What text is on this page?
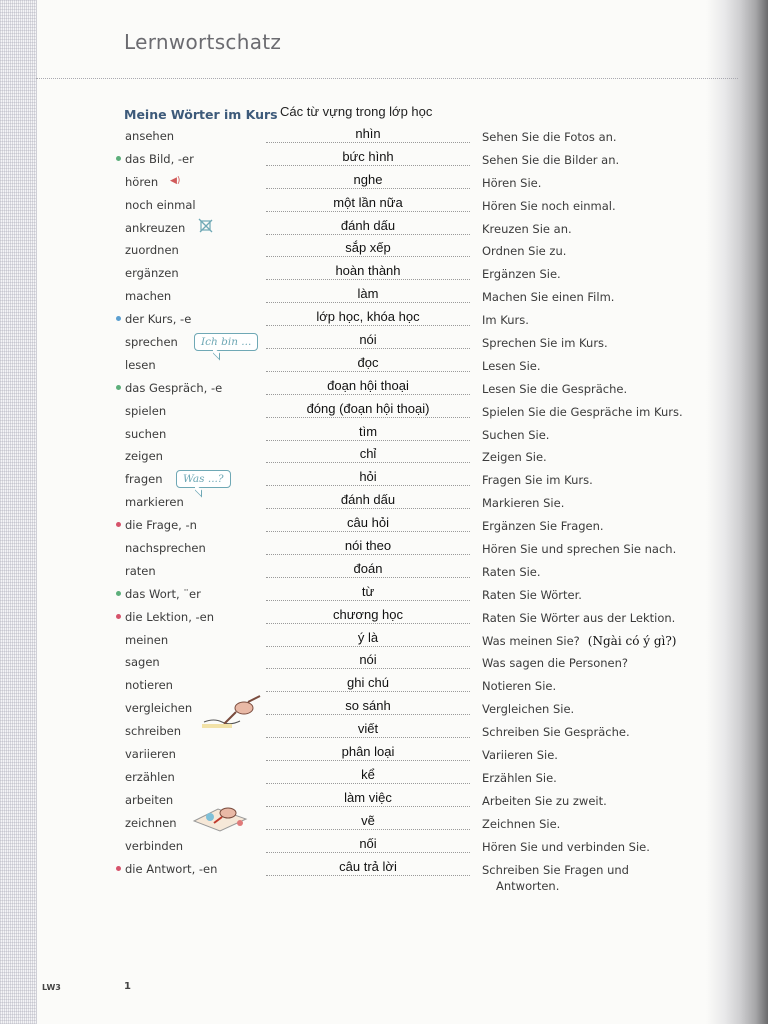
Lernwortschatz
Meine Wörter im Kurs Các từ vựng trong lớp học
ansehen	nhìn	Sehen Sie die Fotos an.
das Bild, -er	bức hình	Sehen Sie die Bilder an.
hören	nghe	Hören Sie.
◀)
noch einmal	một lần nữa	Hören Sie noch einmal.
ankreuzen	đánh dấu	Kreuzen Sie an.
zuordnen	sắp xếp	Ordnen Sie zu.
ergänzen	hoàn thành	Ergänzen Sie.
machen	làm	Machen Sie einen Film.
der Kurs, -e	lớp học, khóa học	Im Kurs.
sprechen	nói	Sprechen Sie im Kurs.
Ich bin ...
lesen	đọc	Lesen Sie.
das Gespräch, -e	đoạn hội thoại	Lesen Sie die Gespräche.
spielen	đóng (đoạn hội thoại)	Spielen Sie die Gespräche im Kurs.
suchen	tìm	Suchen Sie.
zeigen	chỉ	Zeigen Sie.
fragen	hỏi	Fragen Sie im Kurs.
Was ...?
markieren	đánh dấu	Markieren Sie.
die Frage, -n	câu hỏi	Ergänzen Sie Fragen.
nachsprechen	nói theo	Hören Sie und sprechen Sie nach.
raten	đoán	Raten Sie.
das Wort, ¨er	từ	Raten Sie Wörter.
die Lektion, -en	chương học	Raten Sie Wörter aus der Lektion.
meinen	ý là	Was meinen Sie? (Ngài có ý gì?)
sagen	nói	Was sagen die Personen?
notieren	ghi chú	Notieren Sie.
vergleichen	so sánh	Vergleichen Sie.
schreiben	viết	Schreiben Sie Gespräche.
variieren	phân loại	Variieren Sie.
erzählen	kể	Erzählen Sie.
arbeiten	làm việc	Arbeiten Sie zu zweit.
zeichnen	vẽ	Zeichnen Sie.
verbinden	nối	Hören Sie und verbinden Sie.
die Antwort, -en	câu trả lời	Schreiben Sie Fragen und
Antworten.
LW3	1
